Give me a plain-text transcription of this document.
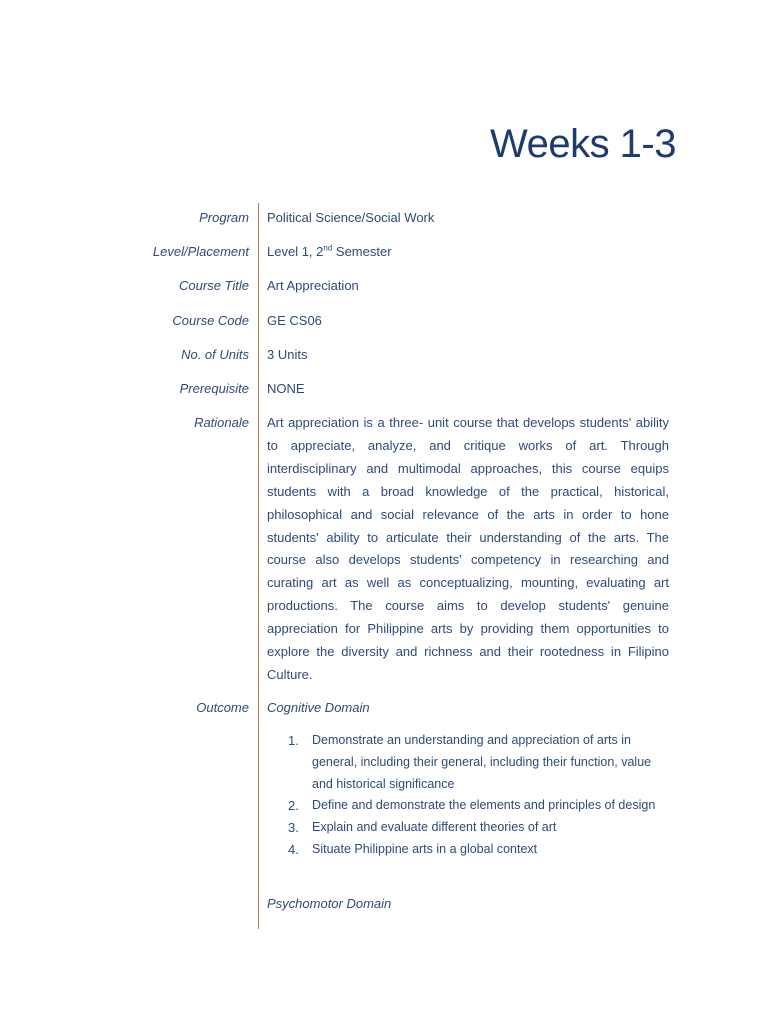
Weeks 1-3
Program Political Science/Social Work
Level/Placement Level 1, 2nd Semester
Course Title Art Appreciation
Course Code GE CS06
No. of Units 3 Units
Prerequisite NONE
Rationale Art appreciation is a three- unit course that develops students' ability to appreciate, analyze, and critique works of art. Through interdisciplinary and multimodal approaches, this course equips students with a broad knowledge of the practical, historical, philosophical and social relevance of the arts in order to hone students' ability to articulate their understanding of the arts. The course also develops students' competency in researching and curating art as well as conceptualizing, mounting, evaluating art productions. The course aims to develop students' genuine appreciation for Philippine arts by providing them opportunities to explore the diversity and richness and their rootedness in Filipino Culture.
Outcome Cognitive Domain
1. Demonstrate an understanding and appreciation of arts in general, including their general, including their function, value and historical significance
2. Define and demonstrate the elements and principles of design
3. Explain and evaluate different theories of art
4. Situate Philippine arts in a global context
Psychomotor Domain
